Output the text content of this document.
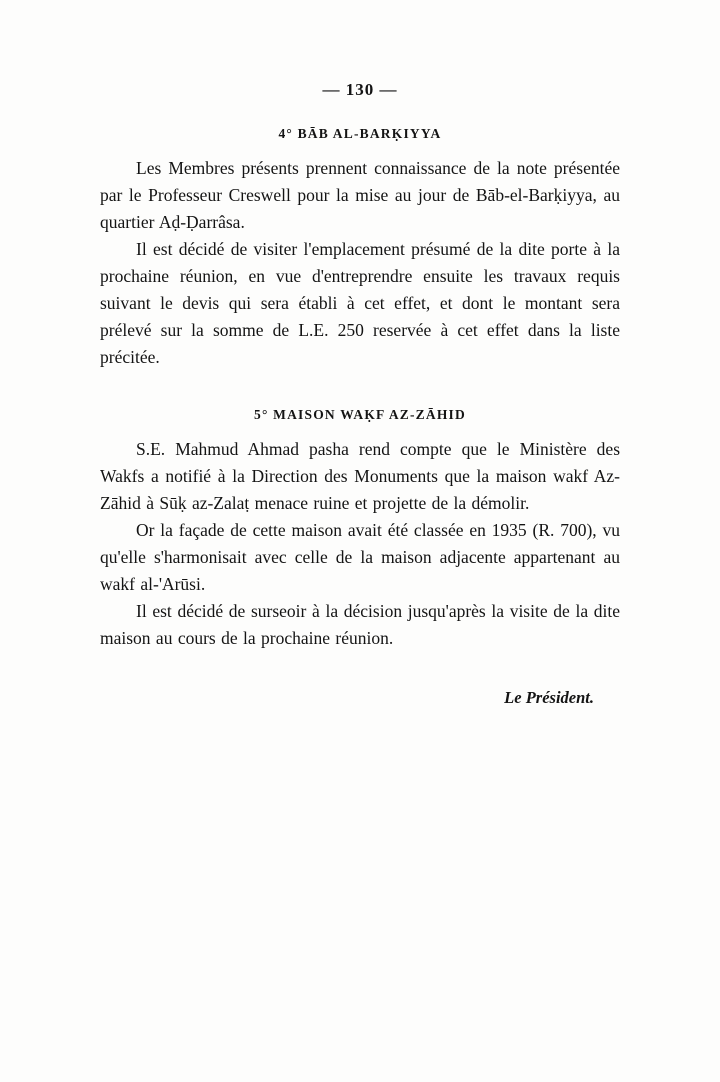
— 130 —
4° BĀB AL-BARḲIYYA

Les Membres présents prennent connaissance de la note présentée par le Professeur Creswell pour la mise au jour de Bāb-el-Barḳiyya, au quartier Aḍ-Ḍarrâsa.

Il est décidé de visiter l'emplacement présumé de la dite porte à la prochaine réunion, en vue d'entreprendre ensuite les travaux requis suivant le devis qui sera établi à cet effet, et dont le montant sera prélevé sur la somme de L.E. 250 reservée à cet effet dans la liste précitée.

5° MAISON WAḲF AZ-ZĀHID

S.E. Mahmud Ahmad pasha rend compte que le Ministère des Wakfs a notifié à la Direction des Monuments que la maison wakf Az-Zāhid à Sūḳ az-Zalaṭ menace ruine et projette de la démolir.

Or la façade de cette maison avait été classée en 1935 (R. 700), vu qu'elle s'harmonisait avec celle de la maison adjacente appartenant au wakf al-'Arūsi.

Il est décidé de surseoir à la décision jusqu'après la visite de la dite maison au cours de la prochaine réunion.

Le Président.
